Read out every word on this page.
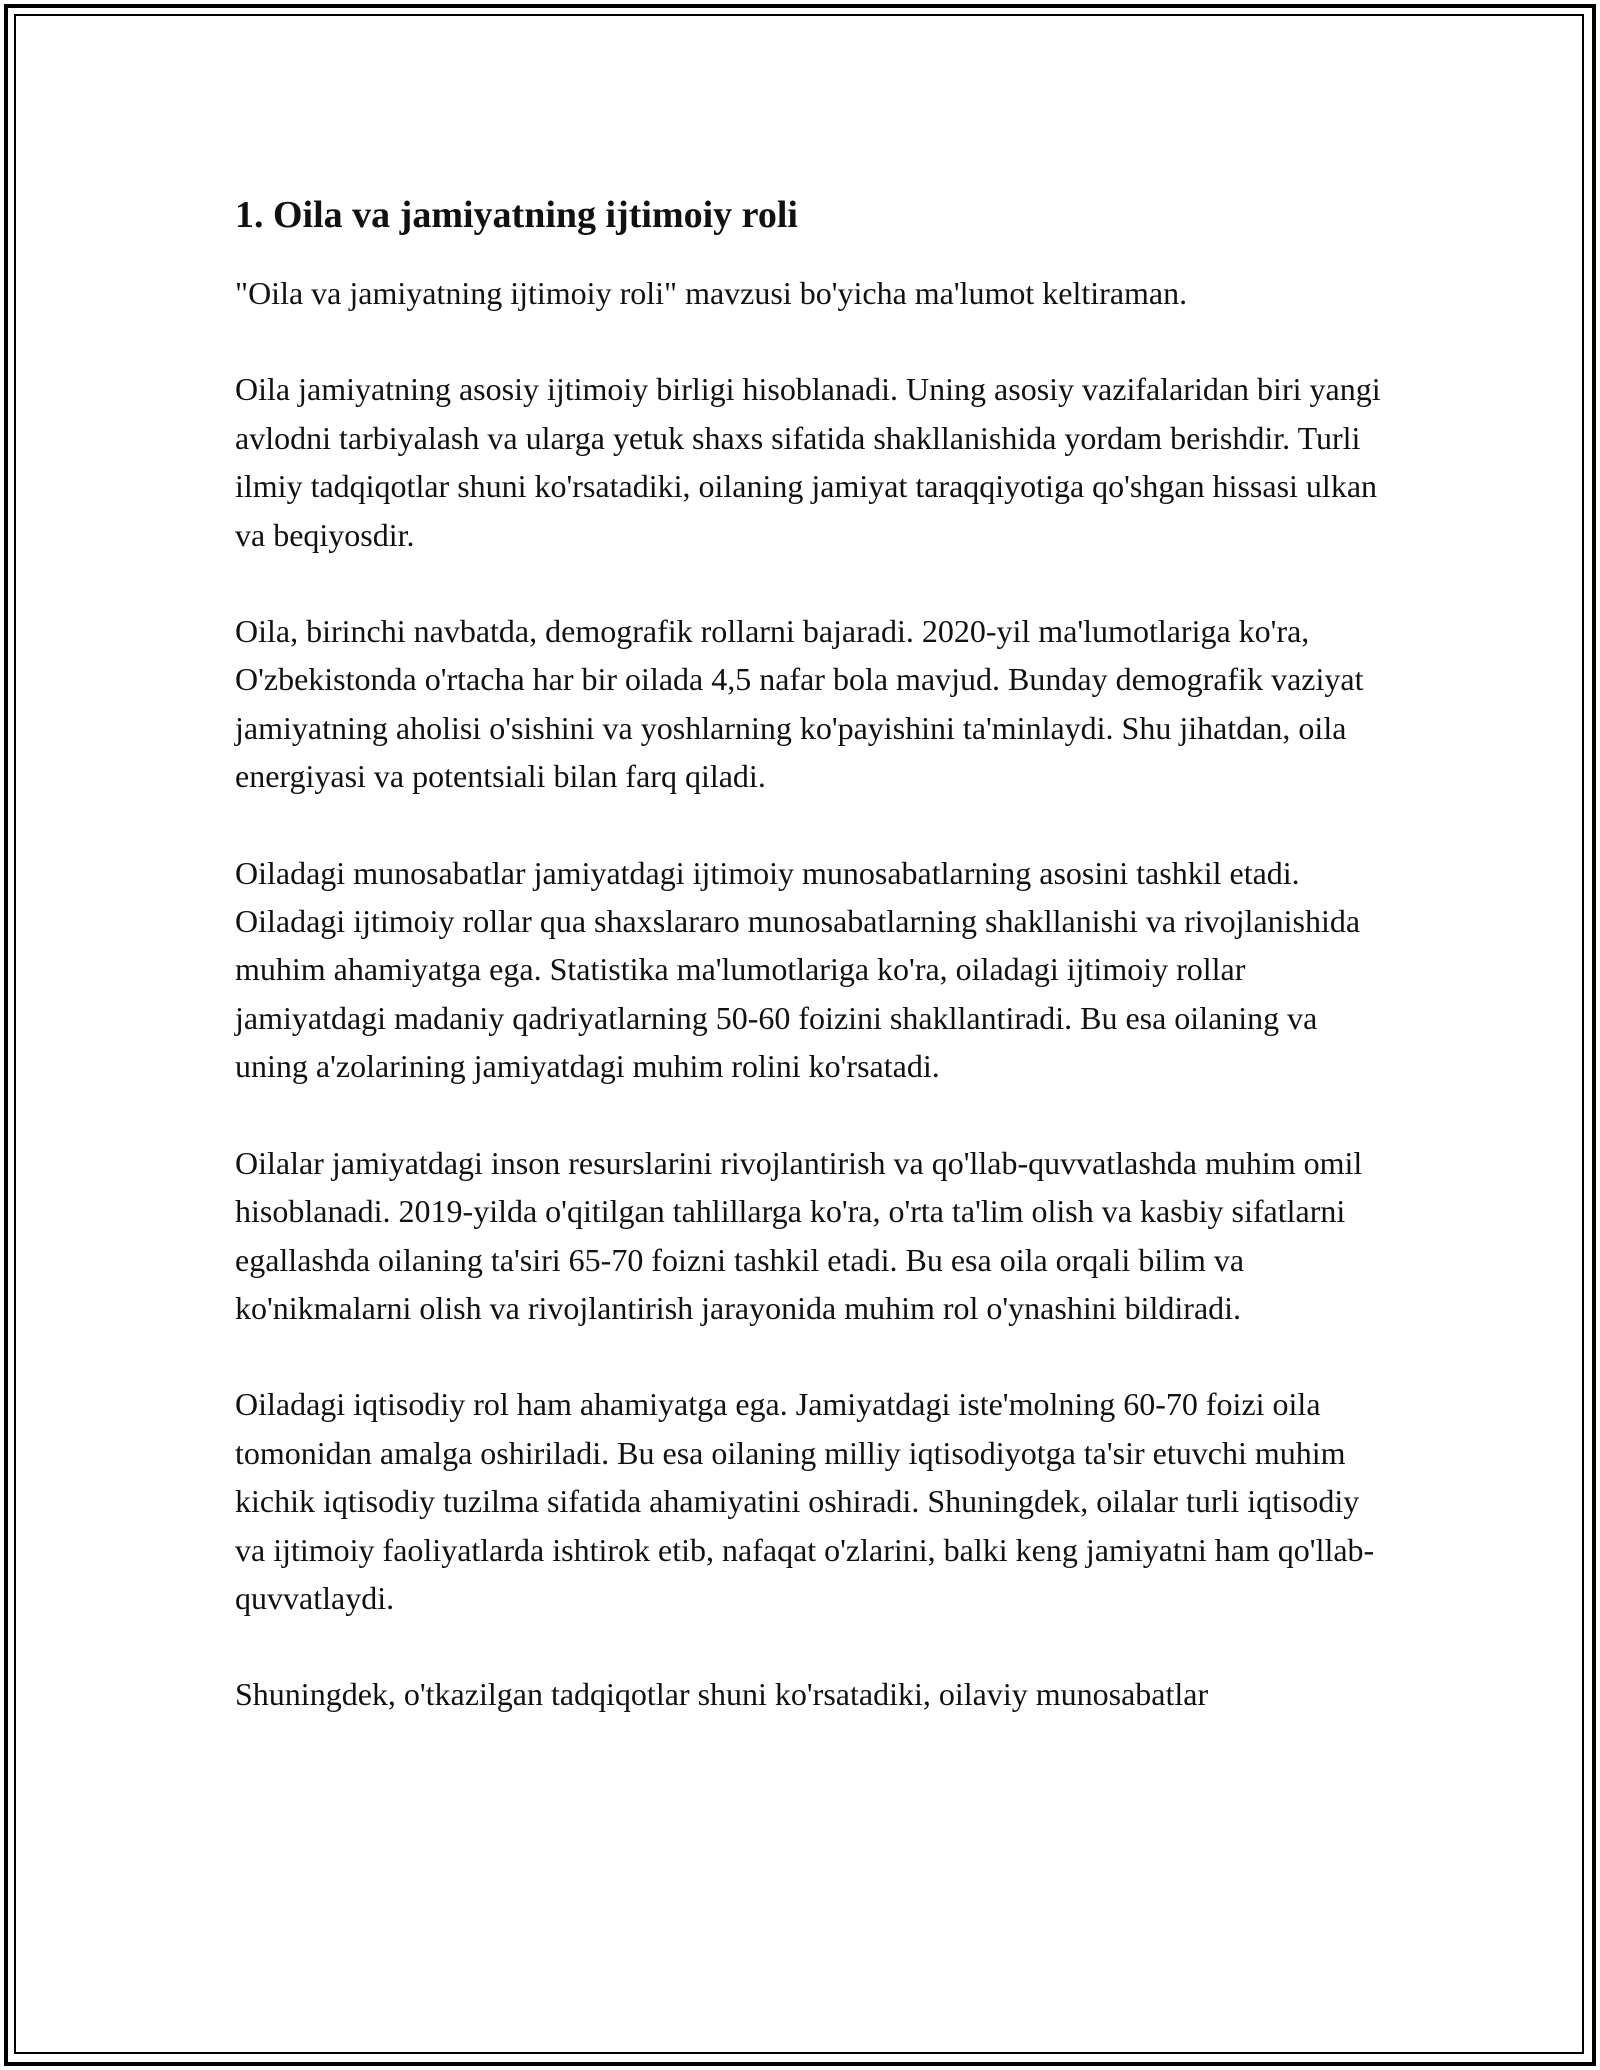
1. Oila va jamiyatning ijtimoiy roli

"Oila va jamiyatning ijtimoiy roli" mavzusi bo'yicha ma'lumot keltiraman.

Oila jamiyatning asosiy ijtimoiy birligi hisoblanadi. Uning asosiy vazifalaridan biri yangi avlodni tarbiyalash va ularga yetuk shaxs sifatida shakllanishida yordam berishdir. Turli ilmiy tadqiqotlar shuni ko'rsatadiki, oilaning jamiyat taraqqiyotiga qo'shgan hissasi ulkan va beqiyosdir.

Oila, birinchi navbatda, demografik rollarni bajaradi. 2020-yil ma'lumotlariga ko'ra, O'zbekistonda o'rtacha har bir oilada 4,5 nafar bola mavjud. Bunday demografik vaziyat jamiyatning aholisi o'sishini va yoshlarning ko'payishini ta'minlaydi. Shu jihatdan, oila energiyasi va potentsiali bilan farq qiladi.

Oiladagi munosabatlar jamiyatdagi ijtimoiy munosabatlarning asosini tashkil etadi. Oiladagi ijtimoiy rollar qua shaxslararo munosabatlarning shakllanishi va rivojlanishida muhim ahamiyatga ega. Statistika ma'lumotlariga ko'ra, oiladagi ijtimoiy rollar jamiyatdagi madaniy qadriyatlarning 50-60 foizini shakllantiradi. Bu esa oilaning va uning a'zolarining jamiyatdagi muhim rolini ko'rsatadi.

Oilalar jamiyatdagi inson resurslarini rivojlantirish va qo'llab-quvvatlashda muhim omil hisoblanadi. 2019-yilda o'qitilgan tahlillarga ko'ra, o'rta ta'lim olish va kasbiy sifatlarni egallashda oilaning ta'siri 65-70 foizni tashkil etadi. Bu esa oila orqali bilim va ko'nikmalarni olish va rivojlantirish jarayonida muhim rol o'ynashini bildiradi.

Oiladagi iqtisodiy rol ham ahamiyatga ega. Jamiyatdagi iste'molning 60-70 foizi oila tomonidan amalga oshiriladi. Bu esa oilaning milliy iqtisodiyotga ta'sir etuvchi muhim kichik iqtisodiy tuzilma sifatida ahamiyatini oshiradi. Shuningdek, oilalar turli iqtisodiy va ijtimoiy faoliyatlarda ishtirok etib, nafaqat o'zlarini, balki keng jamiyatni ham qo'llab-quvvatlaydi.

Shuningdek, o'tkazilgan tadqiqotlar shuni ko'rsatadiki, oilaviy munosabatlar
